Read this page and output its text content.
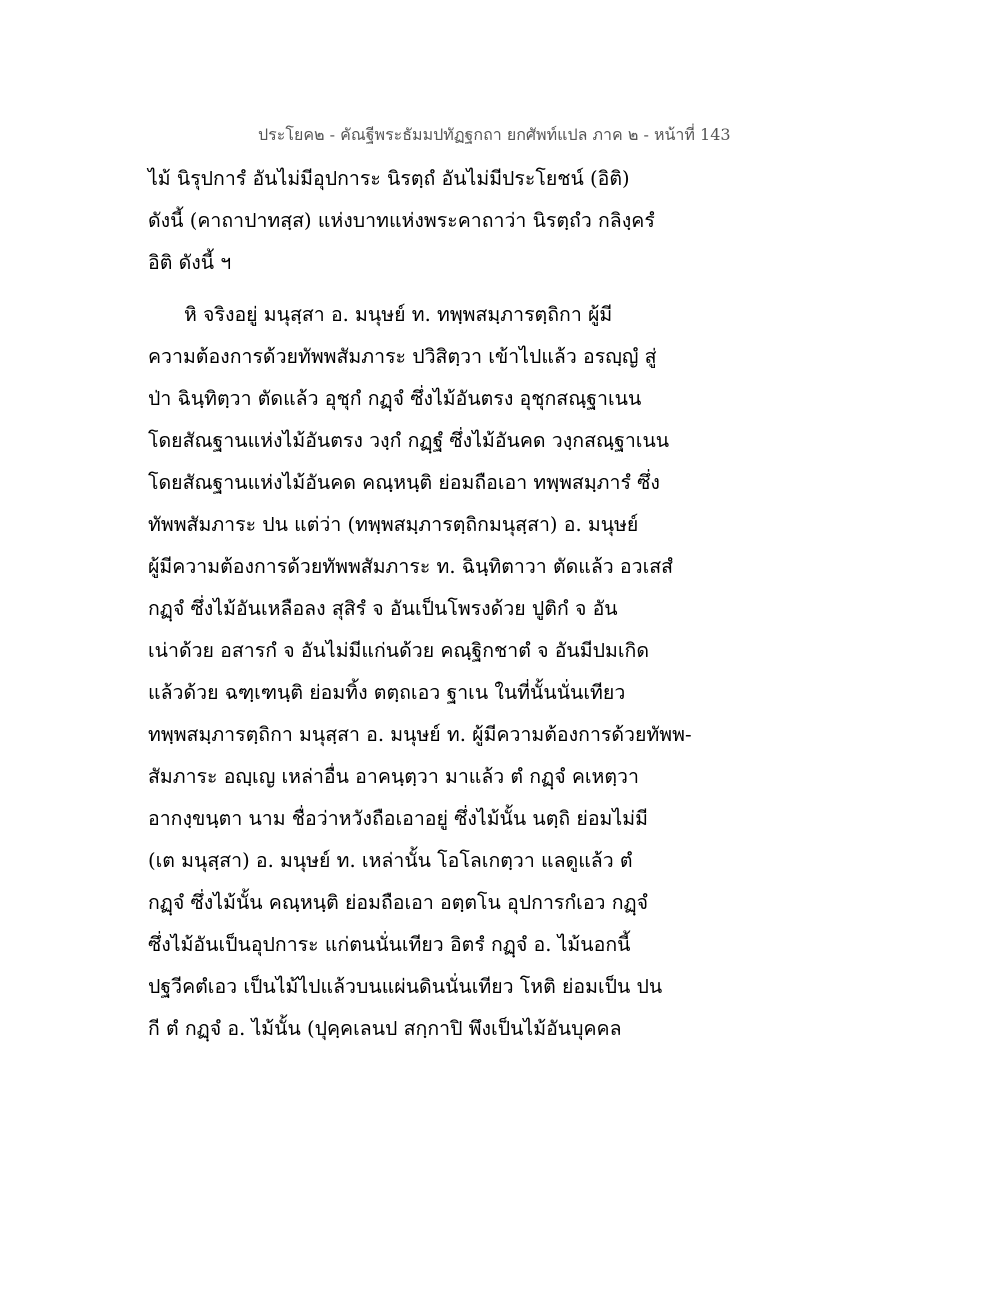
ประโยค๒ - คัณฐีพระธัมมปทัฏฐกถา ยกศัพท์แปล ภาค ๒ - หน้าที่ 143
ไม้ นิรุปการํ อันไม่มีอุปการะ นิรตฺถํ อันไม่มีประโยชน์ (อิติ)
ดังนี้ (คาถาปาทสฺส) แห่งบาทแห่งพระคาถาว่า นิรตฺถํว กลิงฺครํ
อิติ ดังนี้ ฯ
หิ จริงอยู่ มนุสฺสา อ. มนุษย์ ท. ทพฺพสมฺภารตฺถิกา ผู้มี
ความต้องการด้วยทัพพสัมภาระ ปวิสิตฺวา เข้าไปแล้ว อรญฺญํ สู่
ป่า ฉินฺทิตฺวา ตัดแล้ว อุชุกํ กฏฺจํ ซึ่งไม้อันตรง อุชุกสณฺฐาเนน
โดยสัณฐานแห่งไม้อันตรง วงฺกํ กฏฺฐํ ซึ่งไม้อันคด วงฺกสณฺฐาเนน
โดยสัณฐานแห่งไม้อันคด คณฺหนฺติ ย่อมถือเอา ทพฺพสมฺภารํ ซึ่ง
ทัพพสัมภาระ ปน แต่ว่า (ทพฺพสมฺภารตฺถิกมนุสฺสา) อ. มนุษย์
ผู้มีความต้องการด้วยทัพพสัมภาระ ท. ฉินฺทิตาวา ตัดแล้ว อวเสสํ
กฏฺจํ ซึ่งไม้อันเหลือลง สุสิรํ จ อันเป็นโพรงด้วย ปูติกํ จ อัน
เน่าด้วย อสารกํ จ อันไม่มีแก่นด้วย คณฺฐิกชาตํ จ อันมีปมเกิด
แล้วด้วย ฉฑฺเฑนฺติ ย่อมทิ้ง ตตฺถเอว ฐาเน ในที่นั้นนั่นเทียว
ทพฺพสมฺภารตฺถิกา มนุสฺสา อ. มนุษย์ ท. ผู้มีความต้องการด้วยทัพพ-
สัมภาระ อญฺเญ เหล่าอื่น อาคนฺตฺวา มาแล้ว ตํ กฏฺจํ คเหตฺวา
อากงฺขนฺตา นาม ชื่อว่าหวังถือเอาอยู่ ซึ่งไม้นั้น นตฺถิ ย่อมไม่มี
(เต มนุสฺสา) อ. มนุษย์ ท. เหล่านั้น โอโลเกตฺวา แลดูแล้ว ตํ
กฏฺจํ ซึ่งไม้นั้น คณฺหนฺติ ย่อมถือเอา อตฺตโน อุปการกํเอว กฏฺจํ
ซึ่งไม้อันเป็นอุปการะ แก่ตนนั่นเทียว อิตรํ กฏฺจํ อ. ไม้นอกนี้
ปฐวีคตํเอว เป็นไม้ไปแล้วบนแผ่นดินนั่นเทียว โหติ ย่อมเป็น ปน
กี ตํ กฏฺจํ อ. ไม้นั้น (ปุคฺคเลนป สกฺกาปิ พึงเป็นไม้อันบุคคล
